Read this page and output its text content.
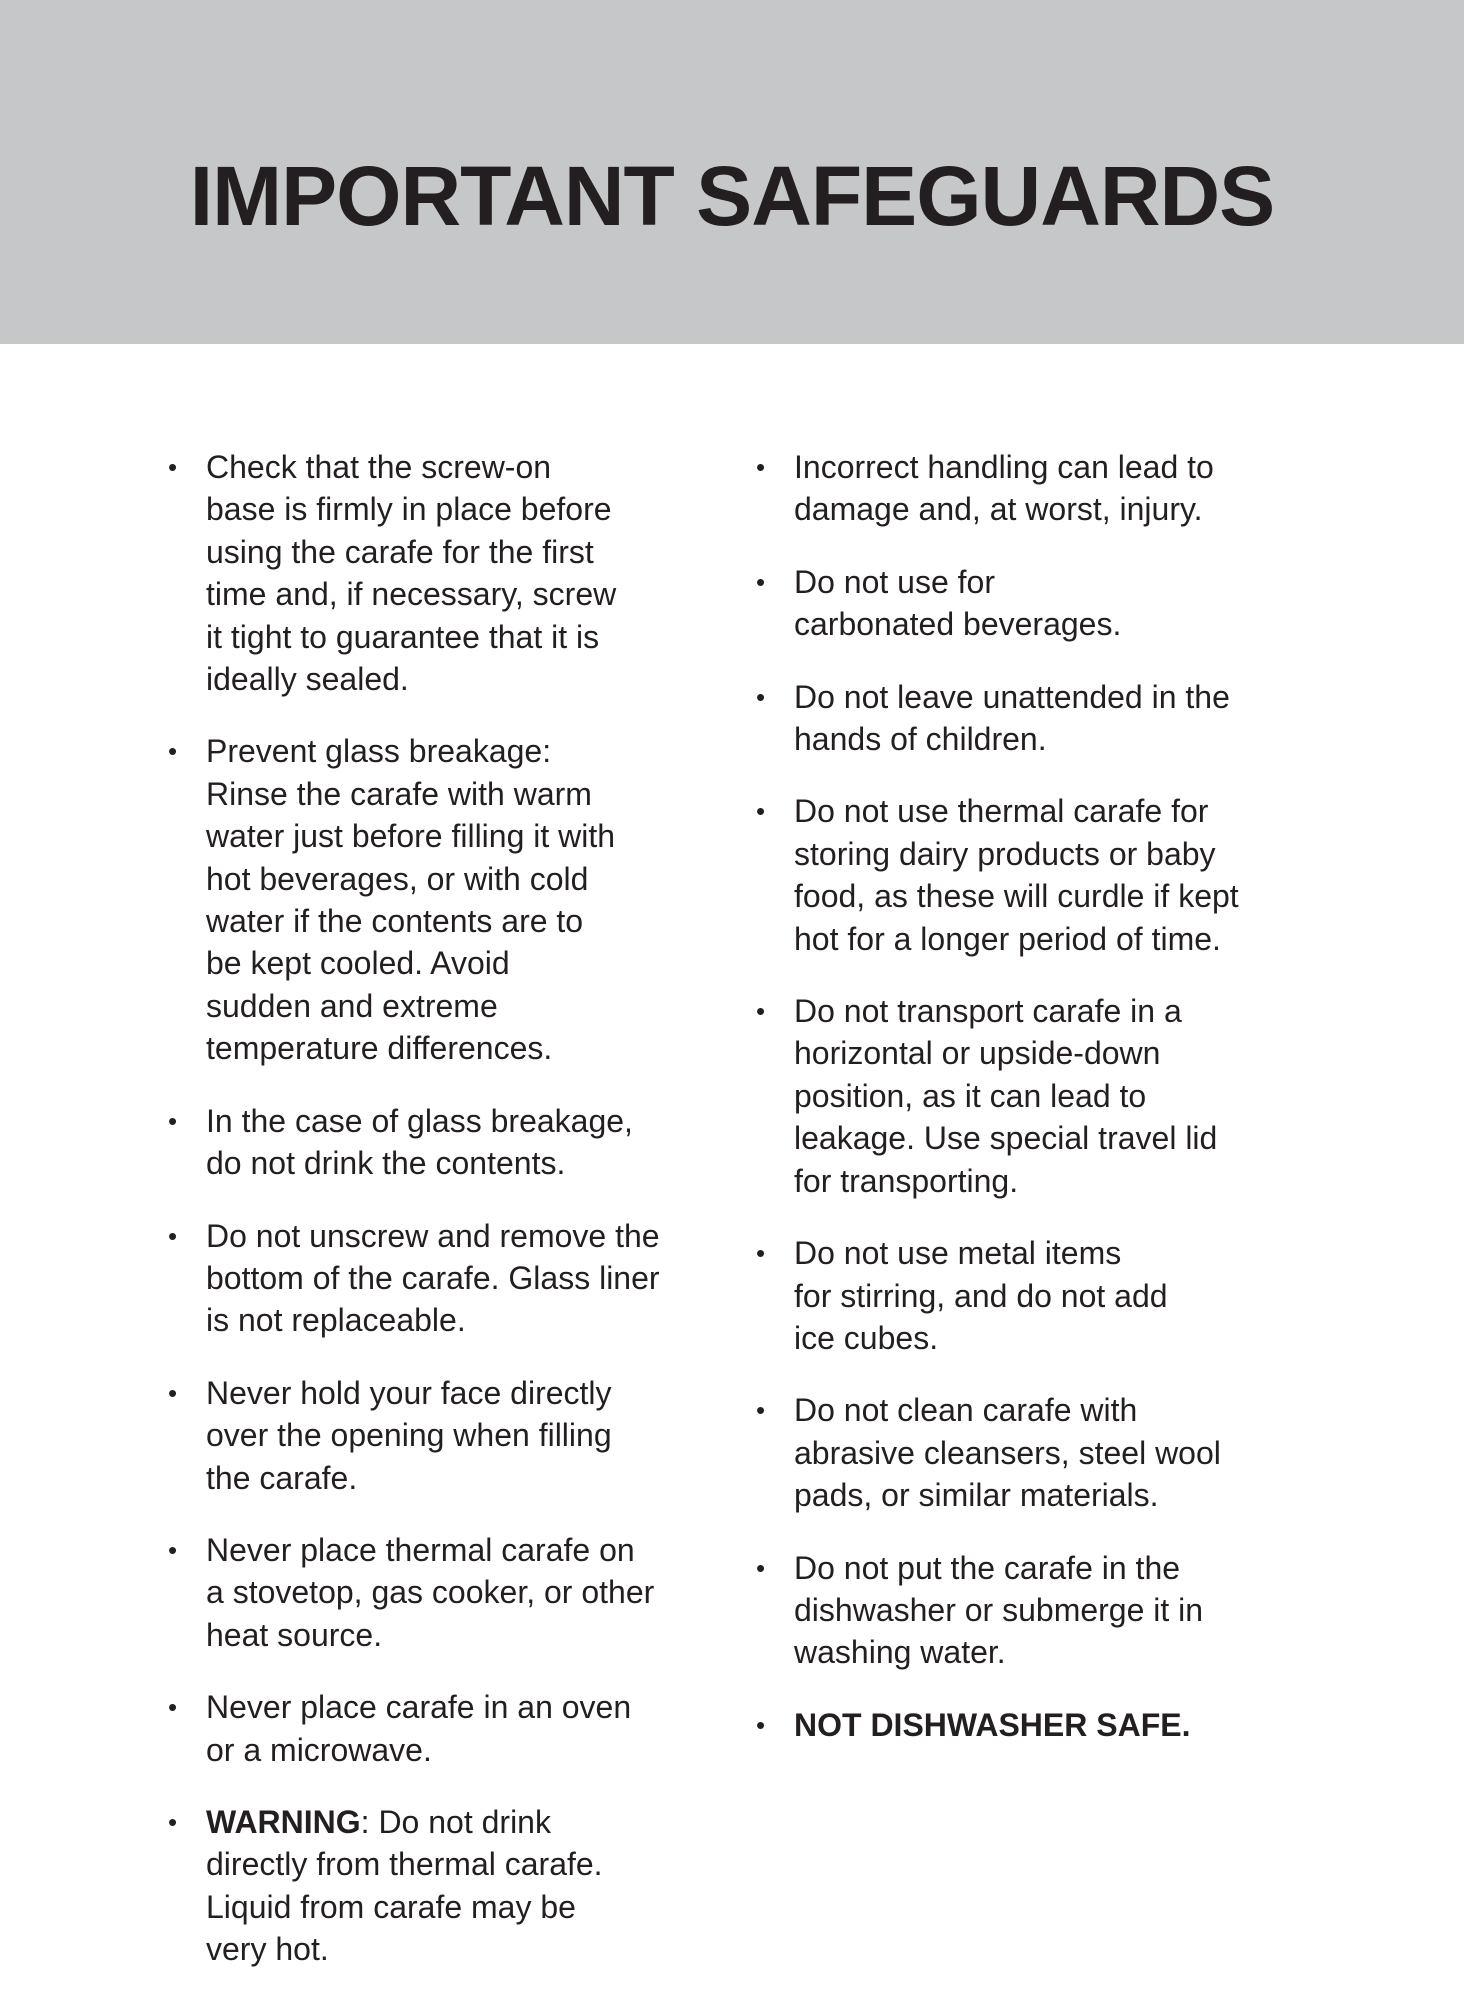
IMPORTANT SAFEGUARDS
• Check that the screw-on
base is firmly in place before
using the carafe for the first
time and, if necessary, screw
it tight to guarantee that it is
ideally sealed.
• Prevent glass breakage:
Rinse the carafe with warm
water just before filling it with
hot beverages, or with cold
water if the contents are to
be kept cooled. Avoid
sudden and extreme
temperature differences.
• In the case of glass breakage,
do not drink the contents.
• Do not unscrew and remove the
bottom of the carafe. Glass liner
is not replaceable.
• Never hold your face directly
over the opening when filling
the carafe.
• Never place thermal carafe on
a stovetop, gas cooker, or other
heat source.
• Never place carafe in an oven
or a microwave.
• WARNING: Do not drink
directly from thermal carafe.
Liquid from carafe may be
very hot.
• Incorrect handling can lead to
damage and, at worst, injury.
• Do not use for
carbonated beverages.
• Do not leave unattended in the
hands of children.
• Do not use thermal carafe for
storing dairy products or baby
food, as these will curdle if kept
hot for a longer period of time.
• Do not transport carafe in a
horizontal or upside-down
position, as it can lead to
leakage. Use special travel lid
for transporting.
• Do not use metal items
for stirring, and do not add
ice cubes.
• Do not clean carafe with
abrasive cleansers, steel wool
pads, or similar materials.
• Do not put the carafe in the
dishwasher or submerge it in
washing water.
• NOT DISHWASHER SAFE.
